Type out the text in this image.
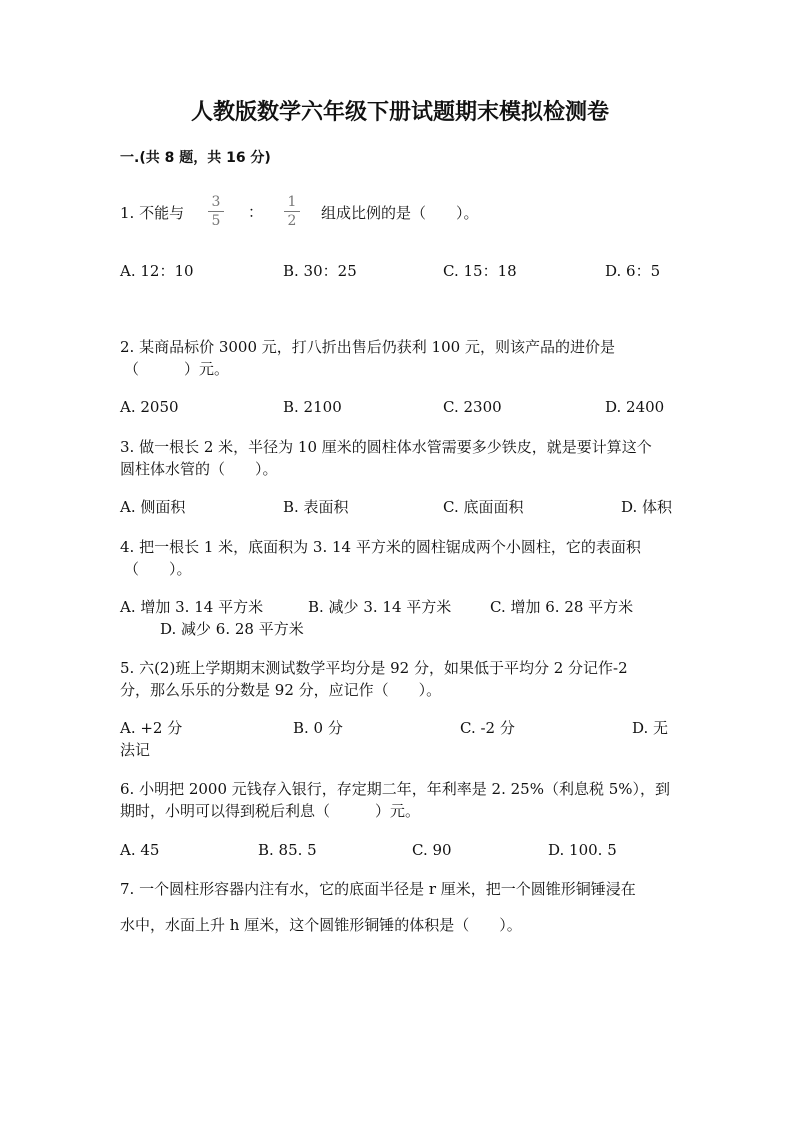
人教版数学六年级下册试题期末模拟检测卷
一.(共 8 题，共 16 分)
1. 不能与
3
5	：
1
2	组成比例的是（　　）。
A. 12：10	B. 30：25	C. 15：18	D. 6：5
2. 某商品标价 3000 元，打八折出售后仍获利 100 元，则该产品的进价是
（　　　）元。
A. 2050	B. 2100	C. 2300	D. 2400
3. 做一根长 2 米，半径为 10 厘米的圆柱体水管需要多少铁皮，就是要计算这个
圆柱体水管的（　　）。
A. 侧面积	B. 表面积	C. 底面面积	D. 体积
4. 把一根长 1 米，底面积为 3. 14 平方米的圆柱锯成两个小圆柱，它的表面积
（　　）。
A. 增加 3. 14 平方米	B. 减少 3. 14 平方米	C. 增加 6. 28 平方米
D. 减少 6. 28 平方米
5. 六(2)班上学期期末测试数学平均分是 92 分，如果低于平均分 2 分记作-2
分，那么乐乐的分数是 92 分，应记作（　　）。
A. +2 分	B. 0 分	C. -2 分	D. 无
法记
6. 小明把 2000 元钱存入银行，存定期二年，年利率是 2. 25%（利息税 5%），到
期时，小明可以得到税后利息（　　　）元。
A. 45	B. 85. 5	C. 90	D. 100. 5
7. 一个圆柱形容器内注有水，它的底面半径是 r 厘米，把一个圆锥形铜锤浸在
水中，水面上升 h 厘米，这个圆锥形铜锤的体积是（　　）。
